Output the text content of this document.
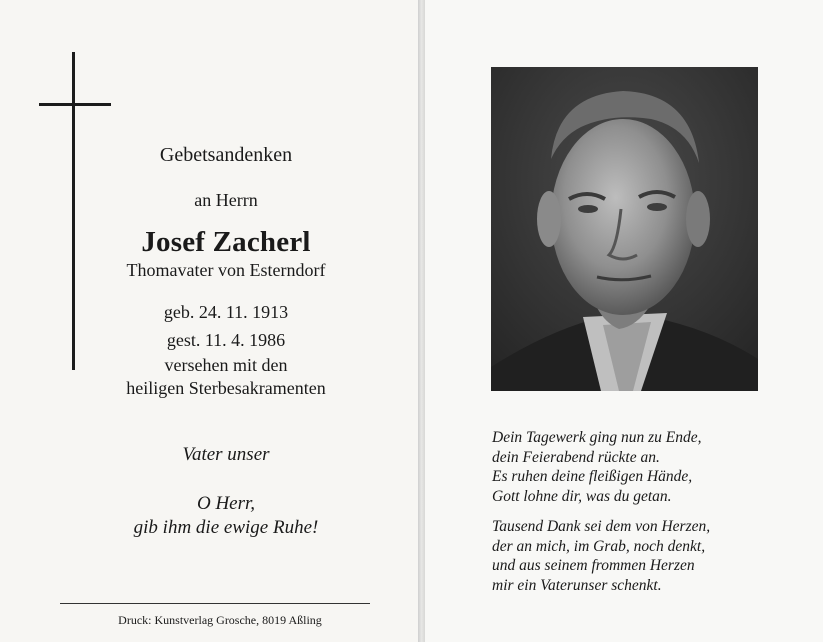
Gebetsandenken
an Herrn
Josef Zacherl
Thomavater von Esterndorf
geb. 24. 11. 1913
gest. 11. 4. 1986
versehen mit den
heiligen Sterbesakramenten
Vater unser
O Herr,
gib ihm die ewige Ruhe!
Druck: Kunstverlag Grosche, 8019 Aßling
Dein Tagewerk ging nun zu Ende,
dein Feierabend rückte an.
Es ruhen deine fleißigen Hände,
Gott lohne dir, was du getan.
Tausend Dank sei dem von Herzen,
der an mich, im Grab, noch denkt,
und aus seinem frommen Herzen
mir ein Vaterunser schenkt.
